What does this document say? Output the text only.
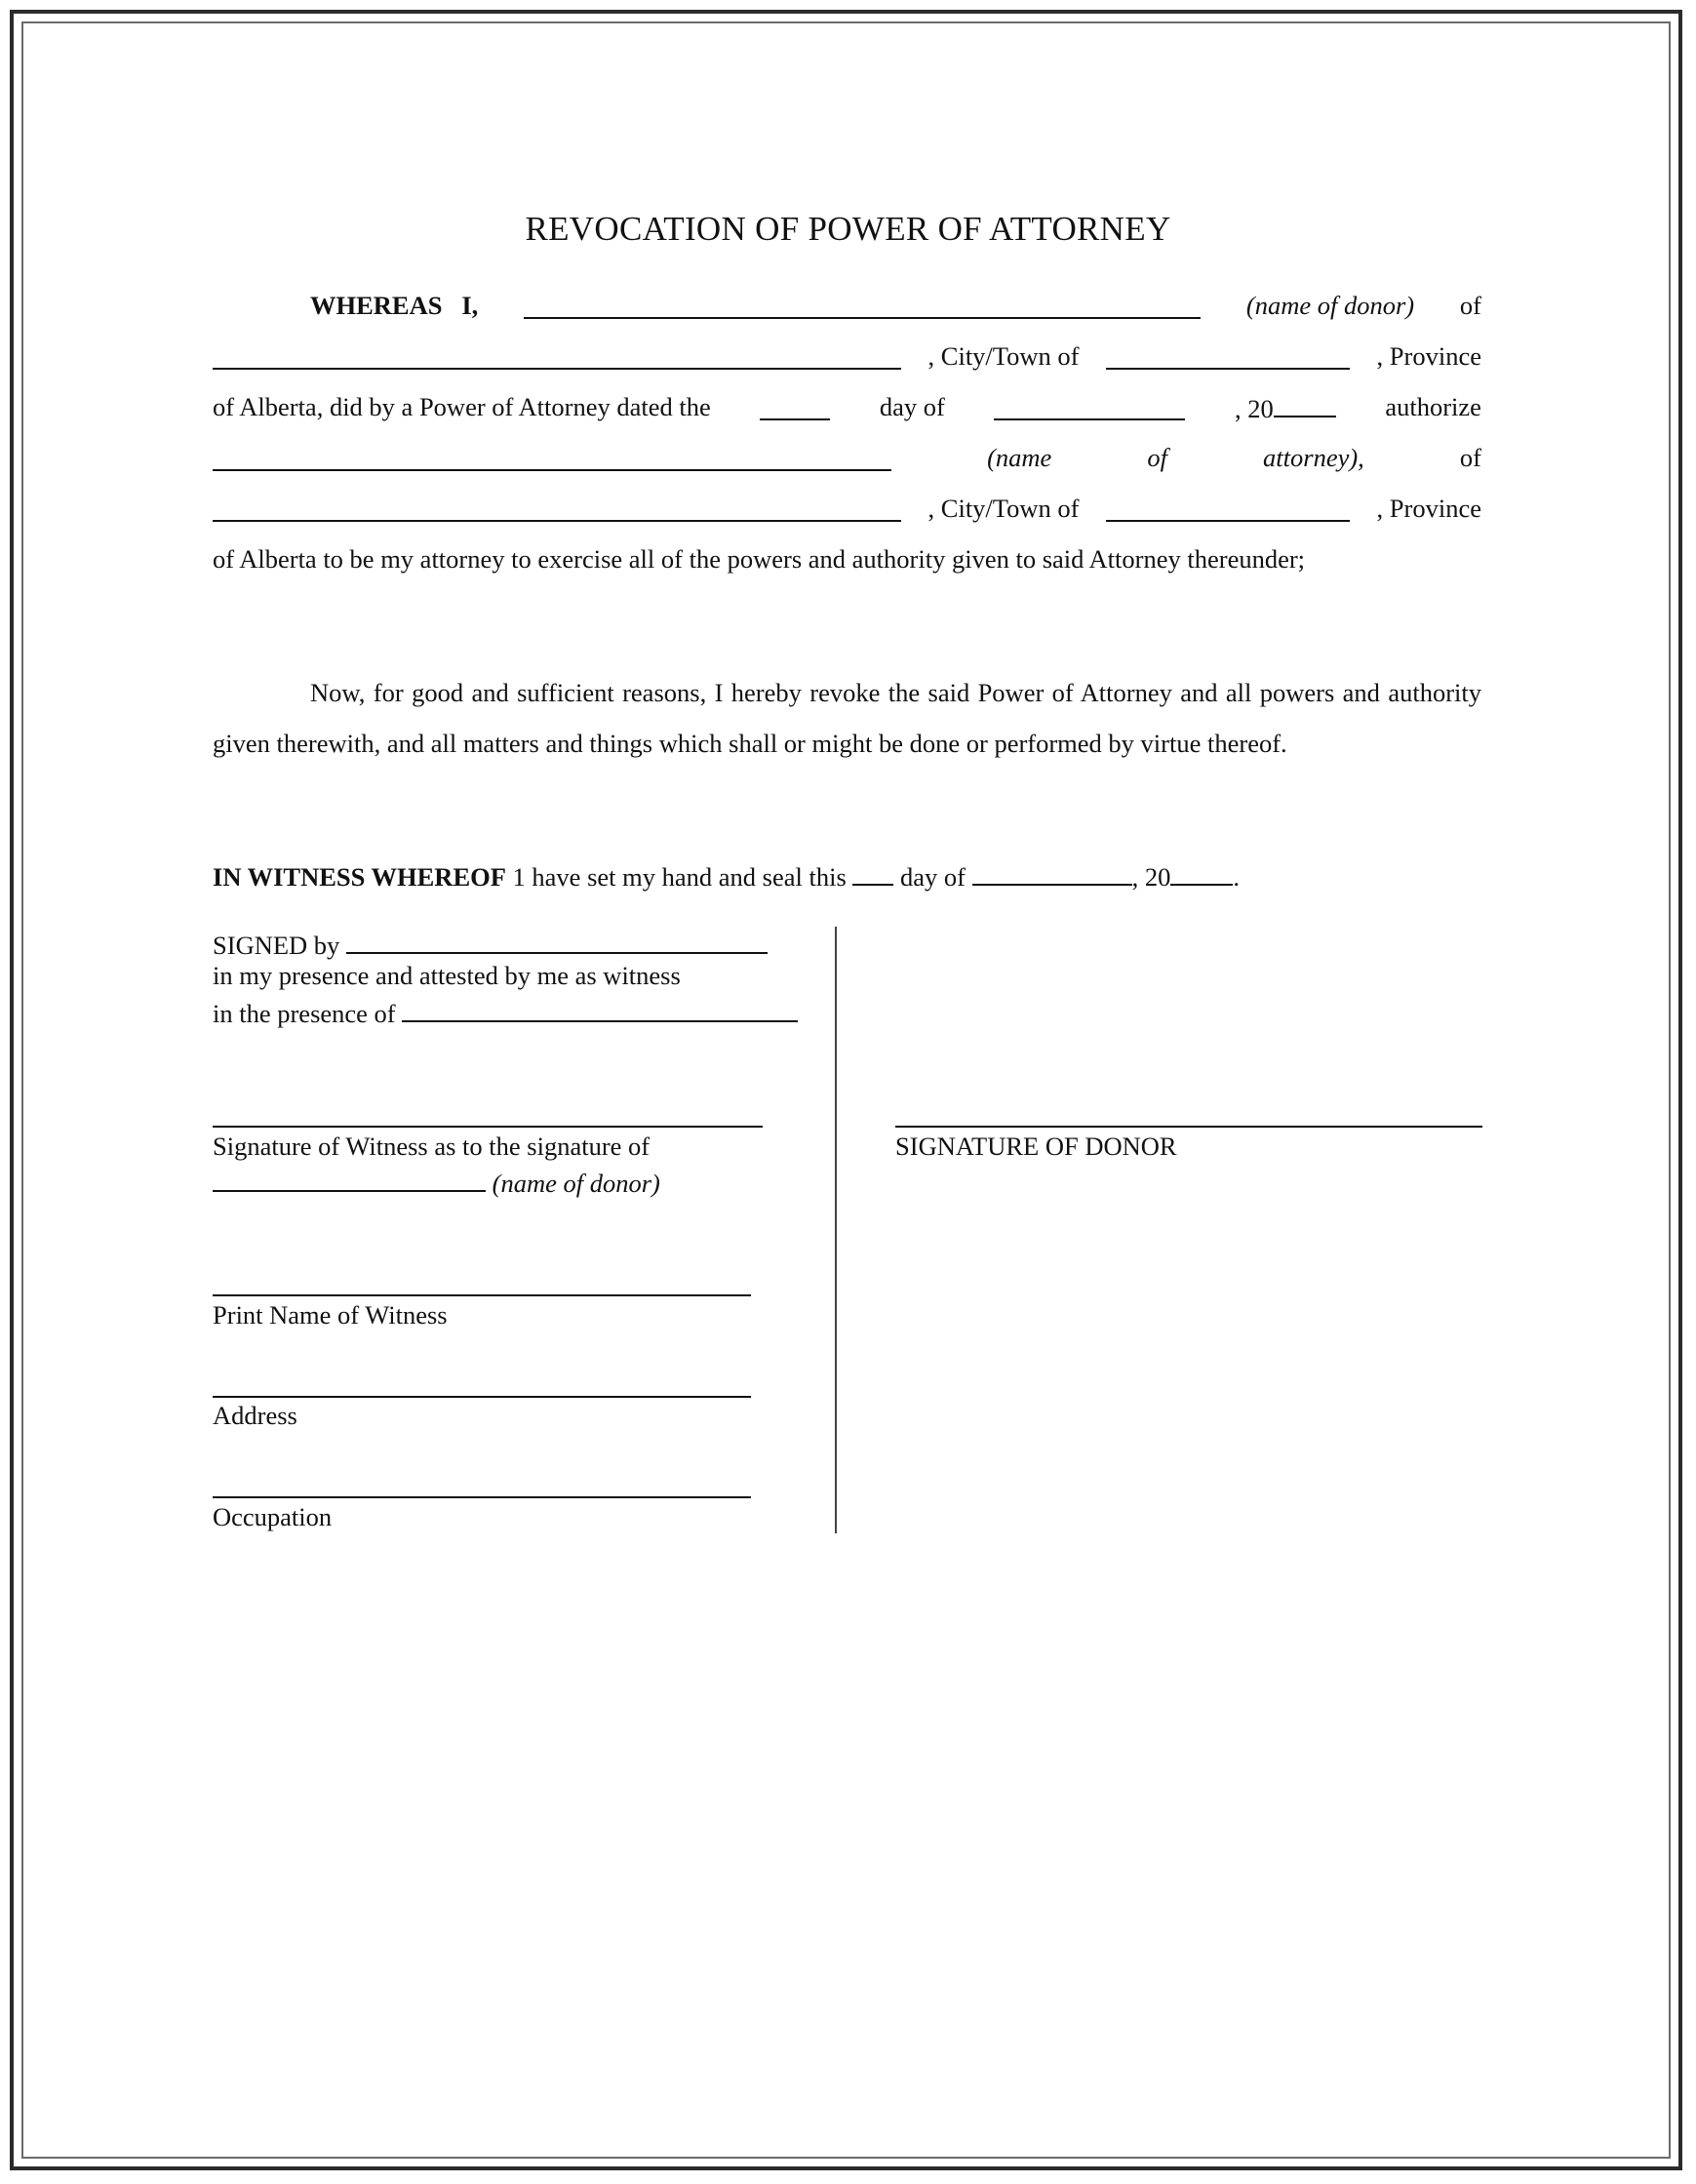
REVOCATION OF POWER OF ATTORNEY
WHEREAS I,	(name of donor) of
, City/Town of	, Province
of Alberta, did by a Power of Attorney dated the	day of	, 20	authorize
(name	of	attorney),	of
, City/Town of	, Province
of Alberta to be my attorney to exercise all of the powers and authority given to said Attorney thereunder;
Now, for good and sufficient reasons, I hereby revoke the said Power of Attorney and all powers and authority given therewith, and all matters and things which shall or might be done or performed by virtue thereof.
IN WITNESS WHEREOF 1 have set my hand and seal this day of	, 20 .
SIGNED by
in my presence and attested by me as witness
in the presence of
Signature of Witness as to the signature of
(name of donor)
Print Name of Witness
Address
Occupation
SIGNATURE OF DONOR
